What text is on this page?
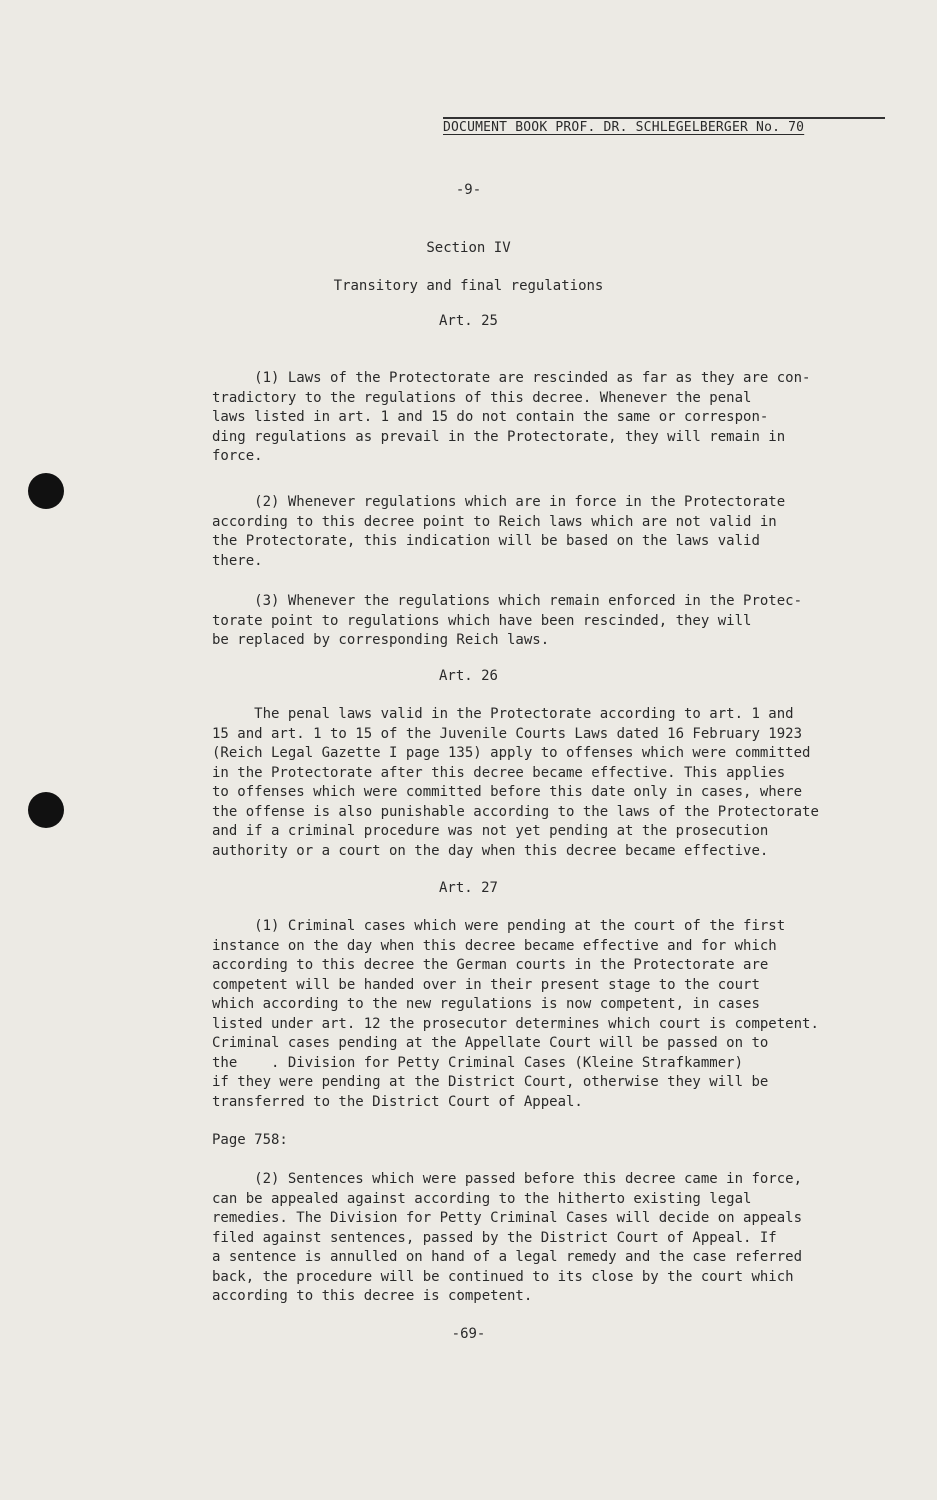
DOCUMENT BOOK PROF. DR. SCHLEGELBERGER No. 70
-9-
Section IV
Transitory and final regulations
Art. 25
(1) Laws of the Protectorate are rescinded as far as they are con-
tradictory to the regulations of this decree. Whenever the penal
laws listed in art. 1 and 15 do not contain the same or correspon-
ding regulations as prevail in the Protectorate, they will remain in
force.
(2) Whenever regulations which are in force in the Protectorate
according to this decree point to Reich laws which are not valid in
the Protectorate, this indication will be based on the laws valid
there.
(3) Whenever the regulations which remain enforced in the Protec-
torate point to regulations which have been rescinded, they will
be replaced by corresponding Reich laws.
Art. 26
The penal laws valid in the Protectorate according to art. 1 and
15 and art. 1 to 15 of the Juvenile Courts Laws dated 16 February 1923
(Reich Legal Gazette I page 135) apply to offenses which were committed
in the Protectorate after this decree became effective. This applies
to offenses which were committed before this date only in cases, where
the offense is also punishable according to the laws of the Protectorate
and if a criminal procedure was not yet pending at the prosecution
authority or a court on the day when this decree became effective.
Art. 27
(1) Criminal cases which were pending at the court of the first
instance on the day when this decree became effective and for which
according to this decree the German courts in the Protectorate are
competent will be handed over in their present stage to the court
which according to the new regulations is now competent, in cases
listed under art. 12 the prosecutor determines which court is competent.
Criminal cases pending at the Appellate Court will be passed on to
the    . Division for Petty Criminal Cases (Kleine Strafkammer)
if they were pending at the District Court, otherwise they will be
transferred to the District Court of Appeal.
Page 758:
(2) Sentences which were passed before this decree came in force,
can be appealed against according to the hitherto existing legal
remedies. The Division for Petty Criminal Cases will decide on appeals
filed against sentences, passed by the District Court of Appeal. If
a sentence is annulled on hand of a legal remedy and the case referred
back, the procedure will be continued to its close by the court which
according to this decree is competent.
-69-
